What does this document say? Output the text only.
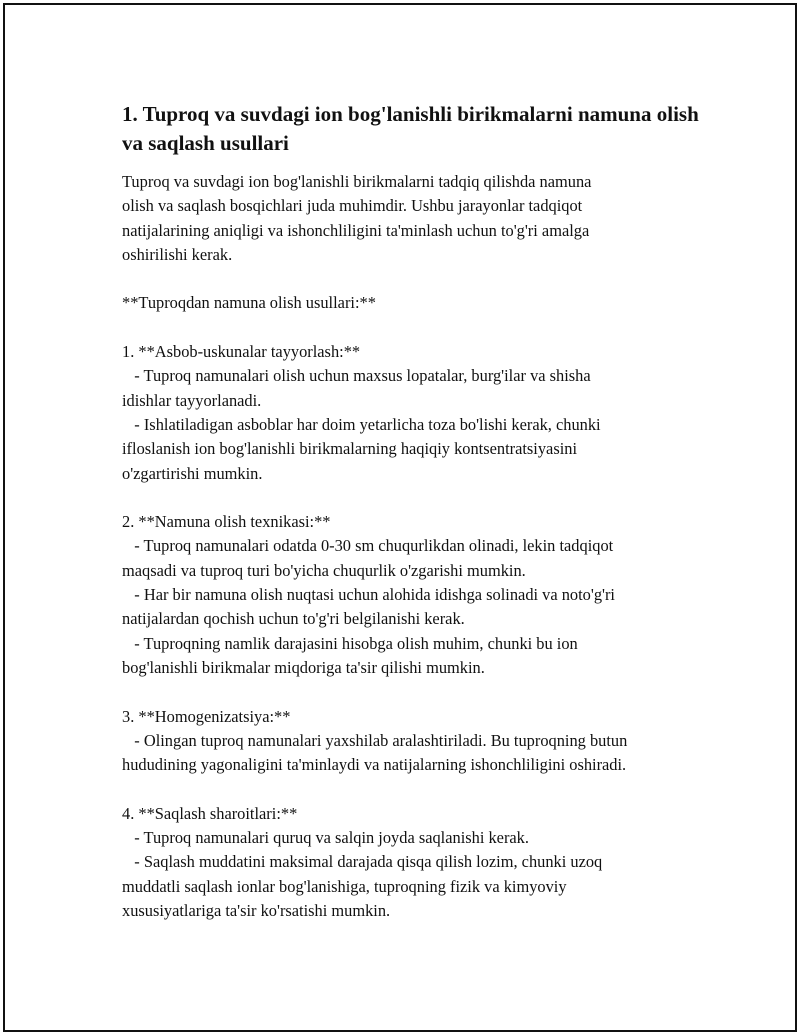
1. Tuproq va suvdagi ion bog'lanishli birikmalarni namuna olish va saqlash usullari
Tuproq va suvdagi ion bog'lanishli birikmalarni tadqiq qilishda namuna
olish va saqlash bosqichlari juda muhimdir. Ushbu jarayonlar tadqiqot
natijalarining aniqligi va ishonchliligini ta'minlash uchun to'g'ri amalga
oshirilishi kerak.

**Tuproqdan namuna olish usullari:**

1. **Asbob-uskunalar tayyorlash:**
- Tuproq namunalari olish uchun maxsus lopatalar, burg'ilar va shisha
idishlar tayyorlanadi.
- Ishlatiladigan asboblar har doim yetarlicha toza bo'lishi kerak, chunki
ifloslanish ion bog'lanishli birikmalarning haqiqiy kontsentratsiyasini
o'zgartirishi mumkin.

2. **Namuna olish texnikasi:**
- Tuproq namunalari odatda 0-30 sm chuqurlikdan olinadi, lekin tadqiqot
maqsadi va tuproq turi bo'yicha chuqurlik o'zgarishi mumkin.
- Har bir namuna olish nuqtasi uchun alohida idishga solinadi va noto'g'ri
natijalardan qochish uchun to'g'ri belgilanishi kerak.
- Tuproqning namlik darajasini hisobga olish muhim, chunki bu ion
bog'lanishli birikmalar miqdoriga ta'sir qilishi mumkin.

3. **Homogenizatsiya:**
- Olingan tuproq namunalari yaxshilab aralashtiriladi. Bu tuproqning butun
hududining yagonaligini ta'minlaydi va natijalarning ishonchliligini oshiradi.

4. **Saqlash sharoitlari:**
- Tuproq namunalari quruq va salqin joyda saqlanishi kerak.
- Saqlash muddatini maksimal darajada qisqa qilish lozim, chunki uzoq
muddatli saqlash ionlar bog'lanishiga, tuproqning fizik va kimyoviy
xususiyatlariga ta'sir ko'rsatishi mumkin.
